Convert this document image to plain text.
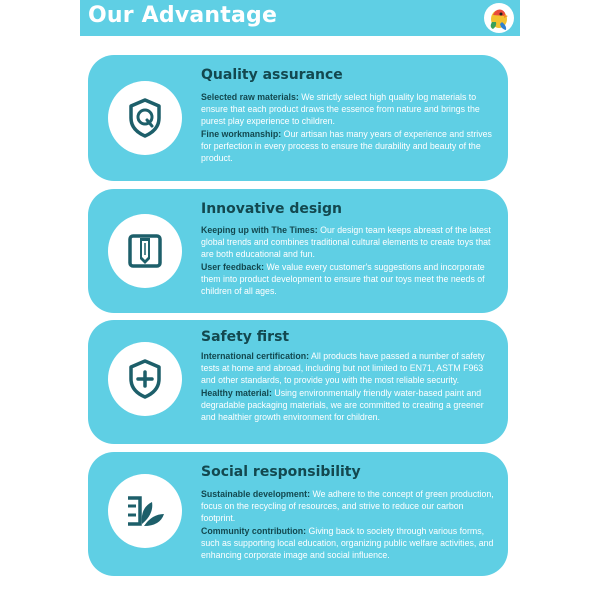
Our Advantage
Quality assurance

Selected raw materials: We strictly select high quality log materials to ensure that each product draws the essence from nature and brings the purest play experience to children.

Fine workmanship: Our artisan has many years of experience and strives for perfection in every process to ensure the durability and beauty of the product.

Innovative design

Keeping up with The Times: Our design team keeps abreast of the latest global trends and combines traditional cultural elements to create toys that are both educational and fun.

User feedback: We value every customer's suggestions and incorporate them into product development to ensure that our toys meet the needs of children of all ages.

Safety first

International certification: All products have passed a number of safety tests at home and abroad, including but not limited to EN71, ASTM F963 and other standards, to provide you with the most reliable security.

Healthy material: Using environmentally friendly water-based paint and degradable packaging materials, we are committed to creating a greener and healthier growth environment for children.

Social responsibility

Sustainable development: We adhere to the concept of green production, focus on the recycling of resources, and strive to reduce our carbon footprint.

Community contribution: Giving back to society through various forms, such as supporting local education, organizing public welfare activities, and enhancing corporate image and social influence.
